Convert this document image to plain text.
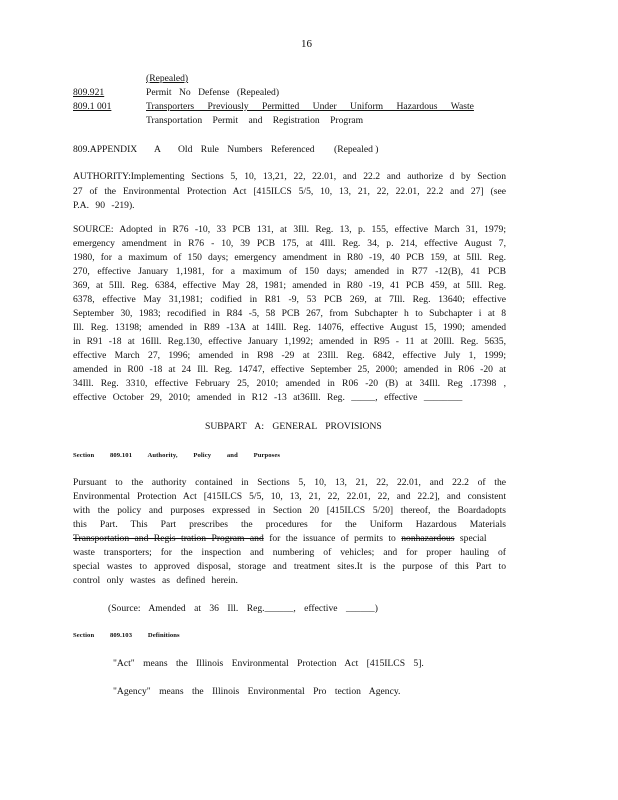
16
(Repealed)
809.921	Permit No Defense (Repealed)
809.1 001	Transporters Previously Permitted Under Uniform Hazardous Waste
Transportation Permit and Registration Program
809.APPENDIX A Old Rule Numbers Referenced (Repealed )
AUTHORITY:Implementing Sections 5, 10, 13,21, 22, 22.01, and 22.2 and authorize d by Section 27 of the Environmental Protection Act [415ILCS 5/5, 10, 13, 21, 22, 22.01, 22.2 and 27] (see P.A. 90 -219).
SOURCE: Adopted in R76 -10, 33 PCB 131, at 3Ill. Reg. 13, p. 155, effective March 31, 1979;
emergency amendment in R76 - 10, 39 PCB 175, at 4Ill. Reg. 34, p. 214, effective August 7,
1980, for a maximum of 150 days; emergency amendment in R80 -19, 40 PCB 159, at 5Ill. Reg.
270, effective January 1,1981, for a maximum of 150 days; amended in R77 -12(B), 41 PCB
369, at 5Ill. Reg. 6384, effective May 28, 1981; amended in R80 -19, 41 PCB 459, at 5Ill. Reg.
6378, effective May 31,1981; codified in R81 -9, 53 PCB 269, at 7Ill. Reg. 13640; effective
September 30, 1983; recodified in R84 -5, 58 PCB 267, from Subchapter h to Subchapter i at 8
Ill. Reg. 13198; amended in R89 -13A at 14Ill. Reg. 14076, effective August 15, 1990; amended
in R91 -18 at 16Ill. Reg.130, effective January 1,1992; amended in R95 - 11 at 20Ill. Reg. 5635,
effective March 27, 1996; amended in R98 -29 at 23Ill. Reg. 6842, effective July 1, 1999;
amended in R00 -18 at 24 Ill. Reg. 14747, effective September 25, 2000; amended in R06 -20 at
34Ill. Reg. 3310, effective February 25, 2010; amended in R06 -20 (B) at 34Ill. Reg .17398 ,
effective October 29, 2010; amended in R12 -13 at36Ill. Reg. _____, effective ________
SUBPART A: GENERAL PROVISIONS
Section 809.101 Authority, Policy and Purposes
Pursuant to the authority contained in Sections 5, 10, 13, 21, 22, 22.01, and 22.2 of the
Environmental Protection Act [415ILCS 5/5, 10, 13, 21, 22, 22.01, 22, and 22.2], and consistent
with the policy and purposes expressed in Section 20 [415ILCS 5/20] thereof, the Boardadopts
this Part. This Part prescribes the procedures for the Uniform Hazardous Materials
Transportation and Regis tration Program and for the issuance of permits to nonhazardous special
waste transporters; for the inspection and numbering of vehicles; and for proper hauling of
special wastes to approved disposal, storage and treatment sites.It is the purpose of this Part to
control only wastes as defined herein.
(Source: Amended at 36 Ill. Reg.______, effective ______)
Section 809.103 Definitions
"Act" means the Illinois Environmental Protection Act [415ILCS 5].
"Agency" means the Illinois Environmental Pro tection Agency.
